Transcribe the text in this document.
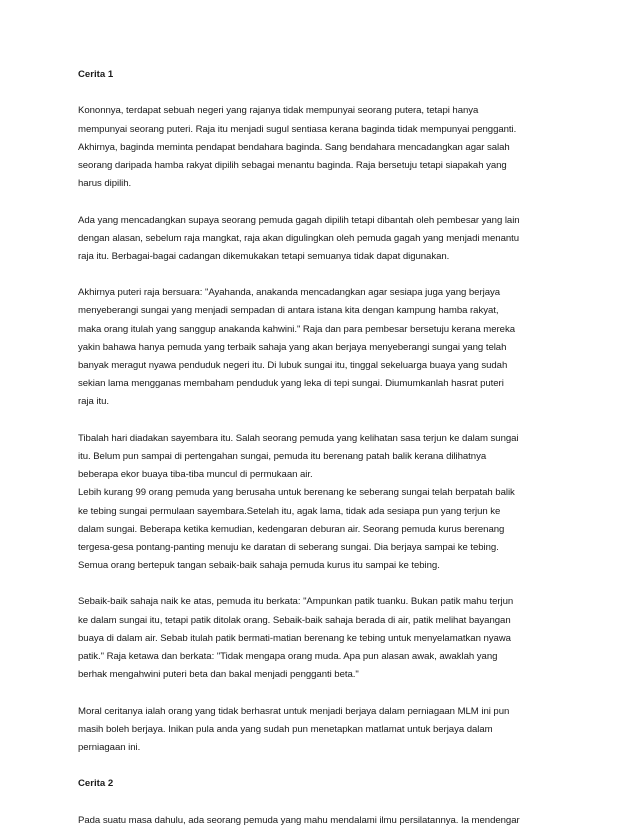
Cerita 1
Kononnya, terdapat sebuah negeri yang rajanya tidak mempunyai seorang putera, tetapi hanya
mempunyai seorang puteri. Raja itu menjadi sugul sentiasa kerana baginda tidak mempunyai pengganti.
Akhirnya, baginda meminta pendapat bendahara baginda. Sang bendahara mencadangkan agar salah
seorang daripada hamba rakyat dipilih sebagai menantu baginda. Raja bersetuju tetapi siapakah yang
harus dipilih.
Ada yang mencadangkan supaya seorang pemuda gagah dipilih tetapi dibantah oleh pembesar yang lain
dengan alasan, sebelum raja mangkat, raja akan digulingkan oleh pemuda gagah yang menjadi menantu
raja itu. Berbagai-bagai cadangan dikemukakan tetapi semuanya tidak dapat digunakan.
Akhirnya puteri raja bersuara: "Ayahanda, anakanda mencadangkan agar sesiapa juga yang berjaya
menyeberangi sungai yang menjadi sempadan di antara istana kita dengan kampung hamba rakyat,
maka orang itulah yang sanggup anakanda kahwini." Raja dan para pembesar bersetuju kerana mereka
yakin bahawa hanya pemuda yang terbaik sahaja yang akan berjaya menyeberangi sungai yang telah
banyak meragut nyawa penduduk negeri itu. Di lubuk sungai itu, tinggal sekeluarga buaya yang sudah
sekian lama mengganas membaham penduduk yang leka di tepi sungai. Diumumkanlah hasrat puteri
raja itu.
Tibalah hari diadakan sayembara itu. Salah seorang pemuda yang kelihatan sasa terjun ke dalam sungai
itu. Belum pun sampai di pertengahan sungai, pemuda itu berenang patah balik kerana dilihatnya
beberapa ekor buaya tiba-tiba muncul di permukaan air.
Lebih kurang 99 orang pemuda yang berusaha untuk berenang ke seberang sungai telah berpatah balik
ke tebing sungai permulaan sayembara.Setelah itu, agak lama, tidak ada sesiapa pun yang terjun ke
dalam sungai. Beberapa ketika kemudian, kedengaran deburan air. Seorang pemuda kurus berenang
tergesa-gesa pontang-panting menuju ke daratan di seberang sungai. Dia berjaya sampai ke tebing.
Semua orang bertepuk tangan sebaik-baik sahaja pemuda kurus itu sampai ke tebing.
Sebaik-baik sahaja naik ke atas, pemuda itu berkata: "Ampunkan patik tuanku. Bukan patik mahu terjun
ke dalam sungai itu, tetapi patik ditolak orang. Sebaik-baik sahaja berada di air, patik melihat bayangan
buaya di dalam air. Sebab itulah patik bermati-matian berenang ke tebing untuk menyelamatkan nyawa
patik." Raja ketawa dan berkata: "Tidak mengapa orang muda. Apa pun alasan awak, awaklah yang
berhak mengahwini puteri beta dan bakal menjadi pengganti beta."
Moral ceritanya ialah orang yang tidak berhasrat untuk menjadi berjaya dalam perniagaan MLM ini pun
masih boleh berjaya. Inikan pula anda yang sudah pun menetapkan matlamat untuk berjaya dalam
perniagaan ini.
Cerita 2
Pada suatu masa dahulu, ada seorang pemuda yang mahu mendalami ilmu persilatannya. Ia mendengar
